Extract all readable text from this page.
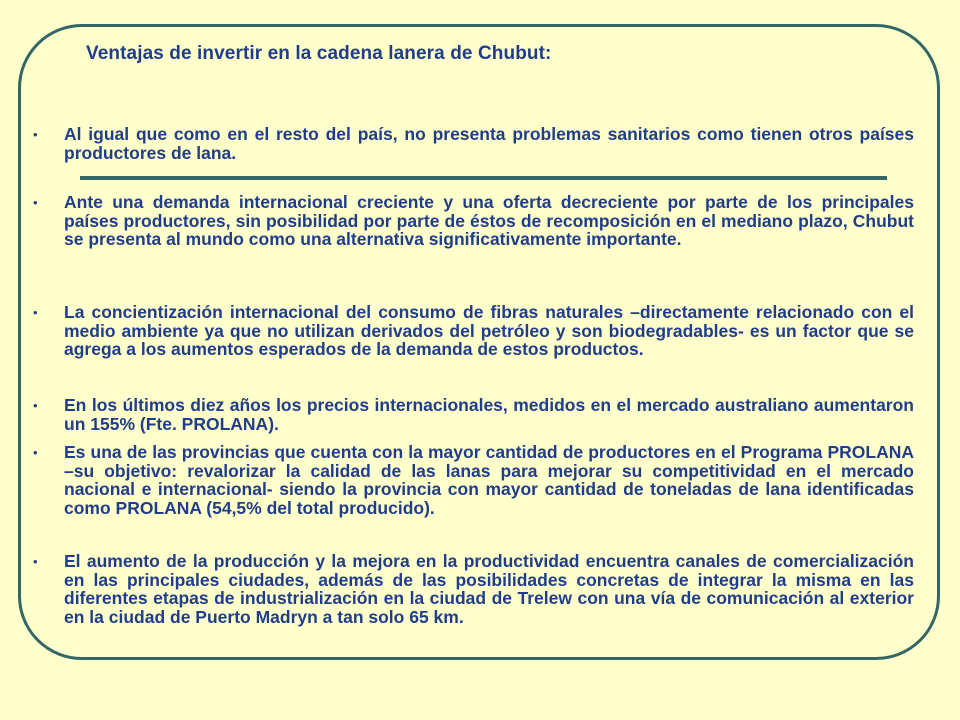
Ventajas de invertir en la cadena lanera de Chubut:

• Al igual que como en el resto del país, no presenta problemas sanitarios como tienen otros países productores de lana.

• Ante una demanda internacional creciente y una oferta decreciente por parte de los principales países productores, sin posibilidad por parte de éstos de recomposición en el mediano plazo, Chubut se presenta al mundo como una alternativa significativamente importante.

• La concientización internacional del consumo de fibras naturales –directamente relacionado con el medio ambiente ya que no utilizan derivados del petróleo y son biodegradables- es un factor que se agrega a los aumentos esperados de la demanda de estos productos.

• En los últimos diez años los precios internacionales, medidos en el mercado australiano aumentaron un 155% (Fte. PROLANA).

• Es una de las provincias que cuenta con la mayor cantidad de productores en el Programa PROLANA –su objetivo: revalorizar la calidad de las lanas para mejorar su competitividad en el mercado nacional e internacional- siendo la provincia con mayor cantidad de toneladas de lana identificadas como PROLANA (54,5% del total producido).

• El aumento de la producción y la mejora en la productividad encuentra canales de comercialización en las principales ciudades, además de las posibilidades concretas de integrar la misma en las diferentes etapas de industrialización en la ciudad de Trelew con una vía de comunicación al exterior en la ciudad de Puerto Madryn a tan solo 65 km.
